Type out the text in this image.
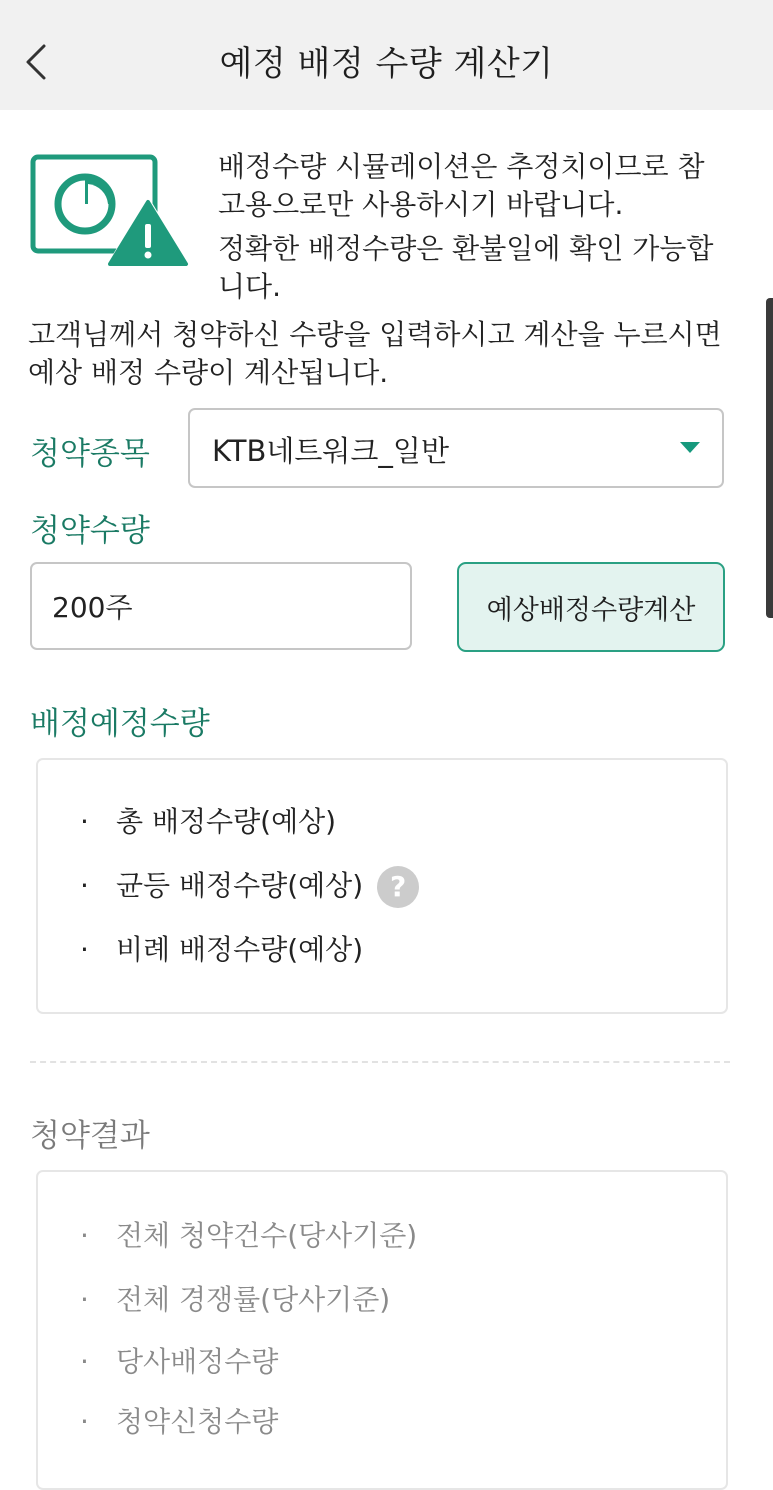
예정 배정 수량 계산기

배정수량 시뮬레이션은 추정치이므로 참고용으로만 사용하시기 바랍니다.

정확한 배정수량은 환불일에 확인 가능합니다.

고객님께서 청약하신 수량을 입력하시고 계산을 누르시면 예상 배정 수량이 계산됩니다.
청약종목 KTB네트워크_일반
청약수량
200주
예상배정수량계산
배정예정수량
· 총 배정수량(예상)
· 균등 배정수량(예상) ?
· 비례 배정수량(예상)
청약결과
· 전체 청약건수(당사기준)
· 전체 경쟁률(당사기준)
· 당사배정수량
· 청약신청수량
